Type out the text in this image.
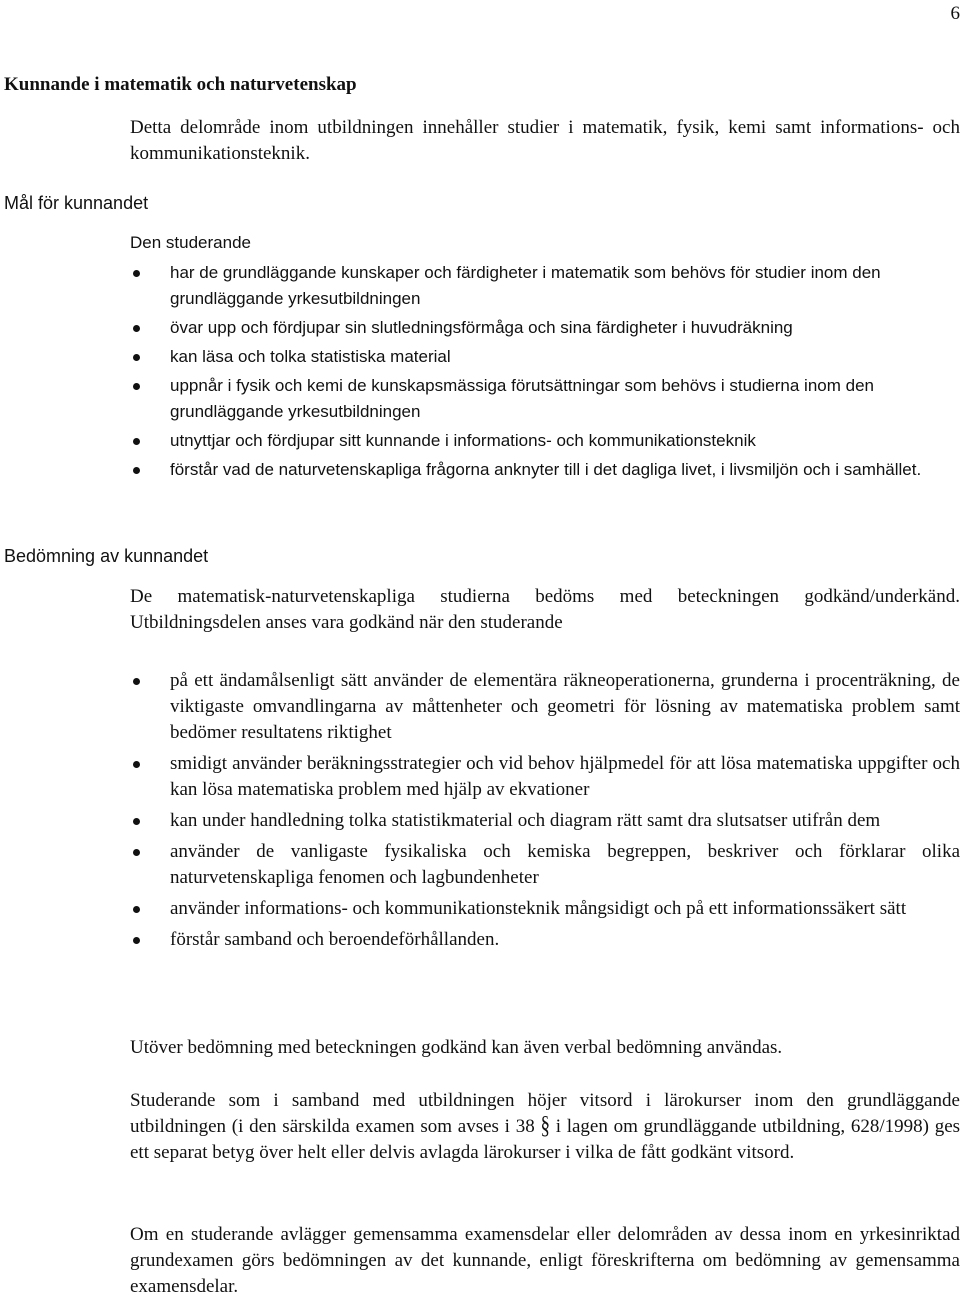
6
Kunnande i matematik och naturvetenskap
Detta delområde inom utbildningen innehåller studier i matematik, fysik, kemi samt informations- och kommunikationsteknik.
Mål för kunnandet
Den studerande
har de grundläggande kunskaper och färdigheter i matematik som behövs för studier inom den grundläggande yrkesutbildningen
övar upp och fördjupar sin slutledningsförmåga och sina färdigheter i huvudräkning
kan läsa och tolka statistiska material
uppnår i fysik och kemi de kunskapsmässiga förutsättningar som behövs i studierna inom den grundläggande yrkesutbildningen
utnyttjar och fördjupar sitt kunnande i informations- och kommunikationsteknik
förstår vad de naturvetenskapliga frågorna anknyter till i det dagliga livet, i livsmiljön och i samhället.
Bedömning av kunnandet
De matematisk-naturvetenskapliga studierna bedöms med beteckningen godkänd/underkänd. Utbildningsdelen anses vara godkänd när den studerande
på ett ändamålsenligt sätt använder de elementära räkneoperationerna, grunderna i procenträkning, de viktigaste omvandlingarna av måttenheter och geometri för lösning av matematiska problem samt bedömer resultatens riktighet
smidigt använder beräkningsstrategier och vid behov hjälpmedel för att lösa matematiska uppgifter och kan lösa matematiska problem med hjälp av ekvationer
kan under handledning tolka statistikmaterial och diagram rätt samt dra slutsatser utifrån dem
använder de vanligaste fysikaliska och kemiska begreppen, beskriver och förklarar olika naturvetenskapliga fenomen och lagbundenheter
använder informations- och kommunikationsteknik mångsidigt och på ett informationssäkert sätt
förstår samband och beroendeförhållanden.
Utöver bedömning med beteckningen godkänd kan även verbal bedömning användas.
Studerande som i samband med utbildningen höjer vitsord i lärokurser inom den grundläggande utbildningen (i den särskilda examen som avses i 38 § i lagen om grundläggande utbildning, 628/1998) ges ett separat betyg över helt eller delvis avlagda lärokurser i vilka de fått godkänt vitsord.
Om en studerande avlägger gemensamma examensdelar eller delområden av dessa inom en yrkesinriktad grundexamen görs bedömningen av det kunnande, enligt föreskrifterna om bedömning av gemensamma examensdelar.
